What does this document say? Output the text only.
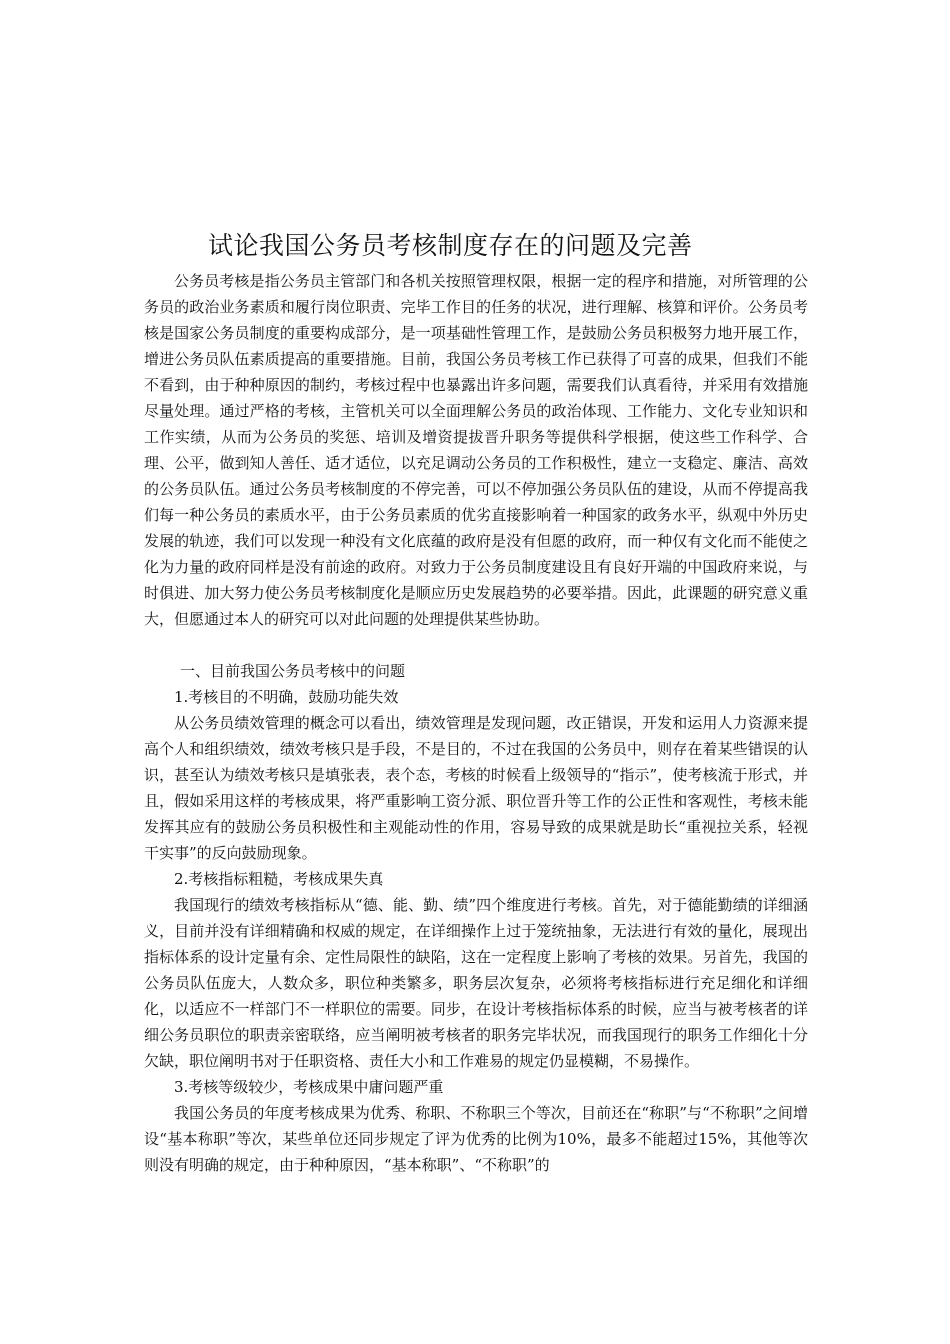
试论我国公务员考核制度存在的问题及完善

公务员考核是指公务员主管部门和各机关按照管理权限，根据一定的程序和措施，对所管理的公务员的政治业务素质和履行岗位职责、完毕工作目的任务的状况，进行理解、核算和评价。公务员考核是国家公务员制度的重要构成部分，是一项基础性管理工作，是鼓励公务员积极努力地开展工作，增进公务员队伍素质提高的重要措施。目前，我国公务员考核工作已获得了可喜的成果，但我们不能不看到，由于种种原因的制约，考核过程中也暴露出许多问题，需要我们认真看待，并采用有效措施尽量处理。通过严格的考核，主管机关可以全面理解公务员的政治体现、工作能力、文化专业知识和工作实绩，从而为公务员的奖惩、培训及增资提拔晋升职务等提供科学根据，使这些工作科学、合理、公平，做到知人善任、适才适位，以充足调动公务员的工作积极性，建立一支稳定、廉洁、高效的公务员队伍。通过公务员考核制度的不停完善，可以不停加强公务员队伍的建设，从而不停提高我们每一种公务员的素质水平，由于公务员素质的优劣直接影响着一种国家的政务水平，纵观中外历史发展的轨迹，我们可以发现一种没有文化底蕴的政府是没有但愿的政府，而一种仅有文化而不能使之化为力量的政府同样是没有前途的政府。对致力于公务员制度建设且有良好开端的中国政府来说，与时俱进、加大努力使公务员考核制度化是顺应历史发展趋势的必要举措。因此，此课题的研究意义重大，但愿通过本人的研究可以对此问题的处理提供某些协助。

一、目前我国公务员考核中的问题

1.考核目的不明确，鼓励功能失效

从公务员绩效管理的概念可以看出，绩效管理是发现问题，改正错误，开发和运用人力资源来提高个人和组织绩效，绩效考核只是手段，不是目的，不过在我国的公务员中，则存在着某些错误的认识，甚至认为绩效考核只是填张表，表个态，考核的时候看上级领导的“指示”，使考核流于形式，并且，假如采用这样的考核成果，将严重影响工资分派、职位晋升等工作的公正性和客观性，考核未能发挥其应有的鼓励公务员积极性和主观能动性的作用，容易导致的成果就是助长“重视拉关系，轻视干实事”的反向鼓励现象。

2.考核指标粗糙，考核成果失真

我国现行的绩效考核指标从“德、能、勤、绩”四个维度进行考核。首先，对于德能勤绩的详细涵义，目前并没有详细精确和权威的规定，在详细操作上过于笼统抽象，无法进行有效的量化，展现出指标体系的设计定量有余、定性局限性的缺陷，这在一定程度上影响了考核的效果。另首先，我国的公务员队伍庞大，人数众多，职位种类繁多，职务层次复杂，必须将考核指标进行充足细化和详细化，以适应不一样部门不一样职位的需要。同步，在设计考核指标体系的时候，应当与被考核者的详细公务员职位的职责亲密联络，应当阐明被考核者的职务完毕状况，而我国现行的职务工作细化十分欠缺，职位阐明书对于任职资格、责任大小和工作难易的规定仍显模糊，不易操作。

3.考核等级较少，考核成果中庸问题严重

我国公务员的年度考核成果为优秀、称职、不称职三个等次，目前还在“称职”与“不称职”之间增设“基本称职”等次，某些单位还同步规定了评为优秀的比例为10%，最多不能超过15%，其他等次则没有明确的规定，由于种种原因，“基本称职”、“不称职”的
